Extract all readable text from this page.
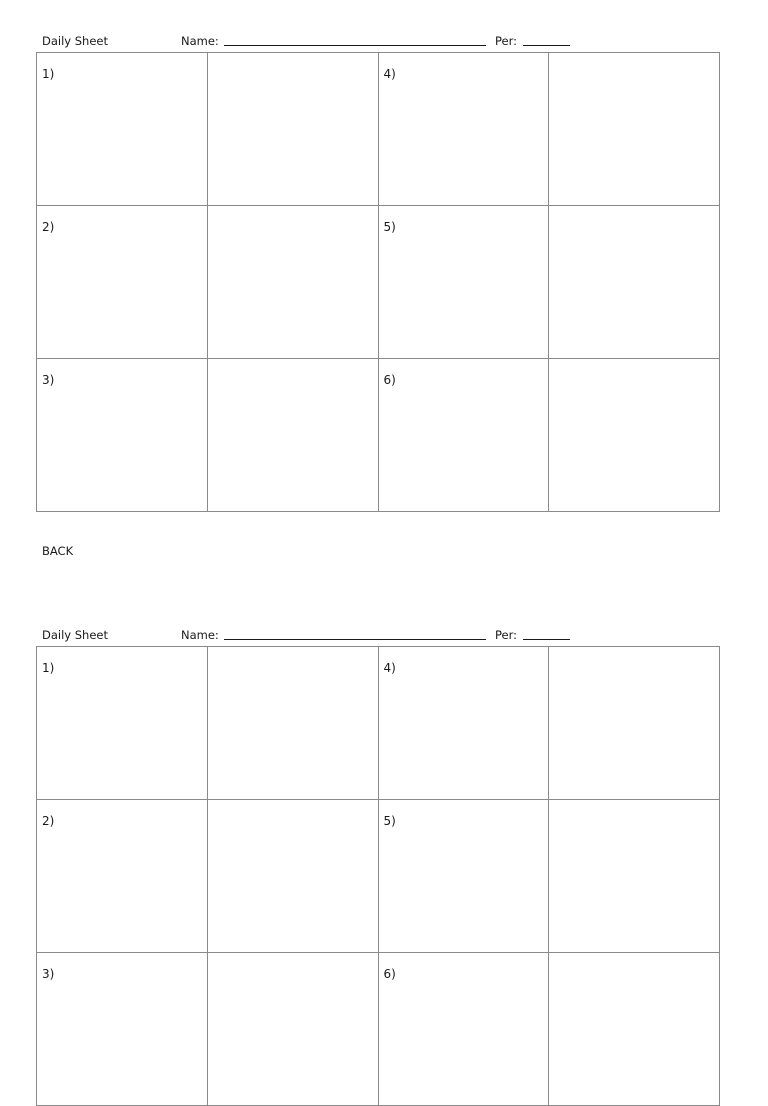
Daily Sheet	Name:	Per:
1)	4)
2)	5)
3)	6)
BACK
Daily Sheet	Name:	Per:
1)	4)
2)	5)
3)	6)
